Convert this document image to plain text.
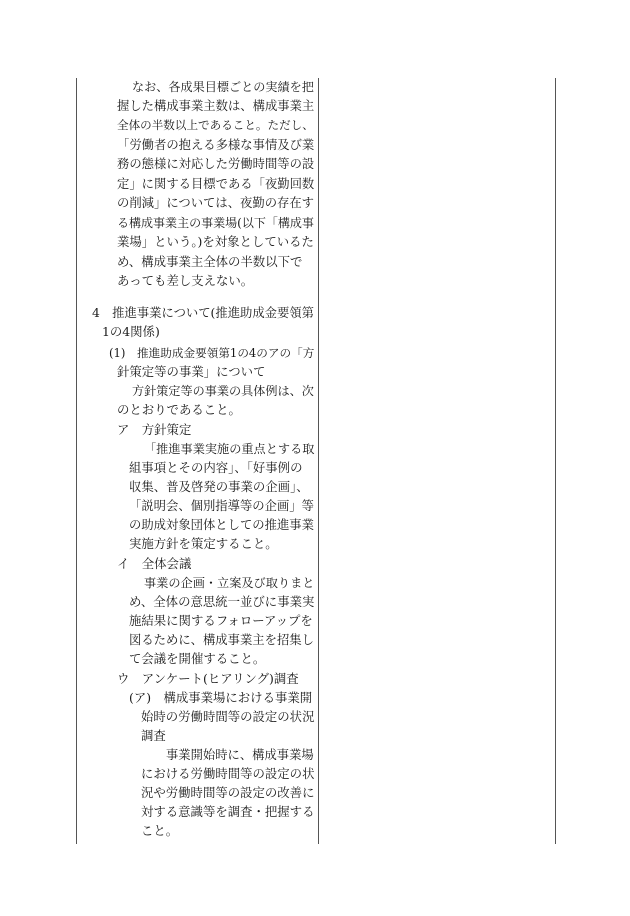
なお、各成果目標ごとの実績を把
握した構成事業主数は、構成事業主
全体の半数以上であること。ただし、
「労働者の抱える多様な事情及び業
務の態様に対応した労働時間等の設
定」に関する目標である「夜勤回数
の削減」については、夜勤の存在す
る構成事業主の事業場(以下「構成事
業場」という。)を対象としているた
め、構成事業主全体の半数以下で
あっても差し支えない。
4　推進事業について(推進助成金要領第
1の4関係)
(1)　推進助成金要領第1の4のアの「方
針策定等の事業」について
方針策定等の事業の具体例は、次
のとおりであること。
ア　方針策定
「推進事業実施の重点とする取
組事項とその内容」、「好事例の
収集、普及啓発の事業の企画」、
「説明会、個別指導等の企画」等
の助成対象団体としての推進事業
実施方針を策定すること。
イ　全体会議
事業の企画・立案及び取りまと
め、全体の意思統一並びに事業実
施結果に関するフォローアップを
図るために、構成事業主を招集し
て会議を開催すること。
ウ　アンケート(ヒアリング)調査
(ア)　構成事業場における事業開
始時の労働時間等の設定の状況
調査
事業開始時に、構成事業場
における労働時間等の設定の状
況や労働時間等の設定の改善に
対する意識等を調査・把握する
こと。
